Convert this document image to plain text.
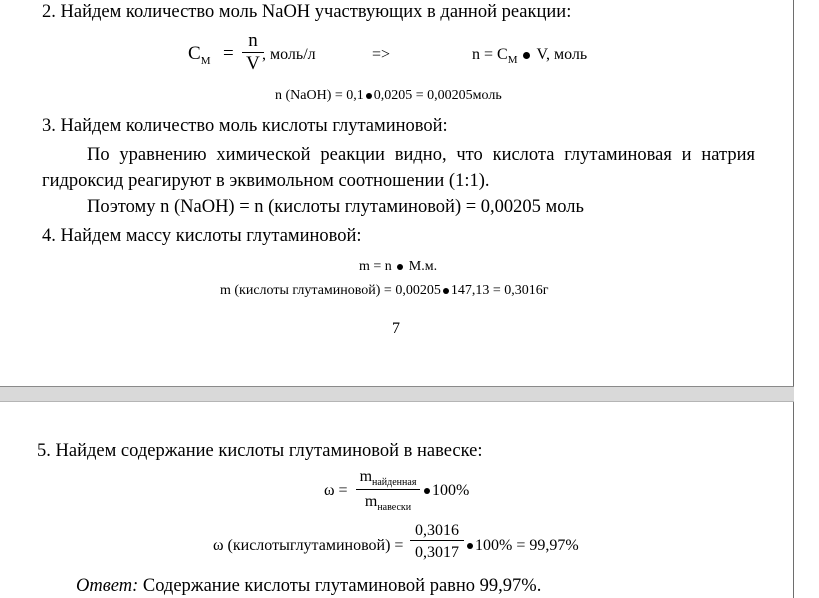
2. Найдем количество моль NaOH участвующих в данной реакции:
$C_М = \frac{n}{V}$
, моль/л	=>	$n = C_М$ V, моль
n (NaOH) = 0,1 0,0205 = 0,00205моль
3. Найдем количество моль кислоты глутаминовой:
По уравнению химической реакции видно, что кислота глутаминовая и натрия гидроксид реагируют в эквимольном соотношении (1:1).
Поэтому n (NaOH) = n (кислоты глутаминовой) = 0,00205 моль
4. Найдем массу кислоты глутаминовой:
m = n М.м.
m (кислоты глутаминовой) = 0,00205 147,13 = 0,3016г
7
5. Найдем содержание кислоты глутаминовой в навеске:
ω =
$m_{найденная}$
$m_{навески}$
100%
ω (кислотыглутаминовой) = $\frac{0,3016}{0,3017} 100\% = 99,97\%$
Ответ: Содержание кислоты глутаминовой равно 99,97%.
